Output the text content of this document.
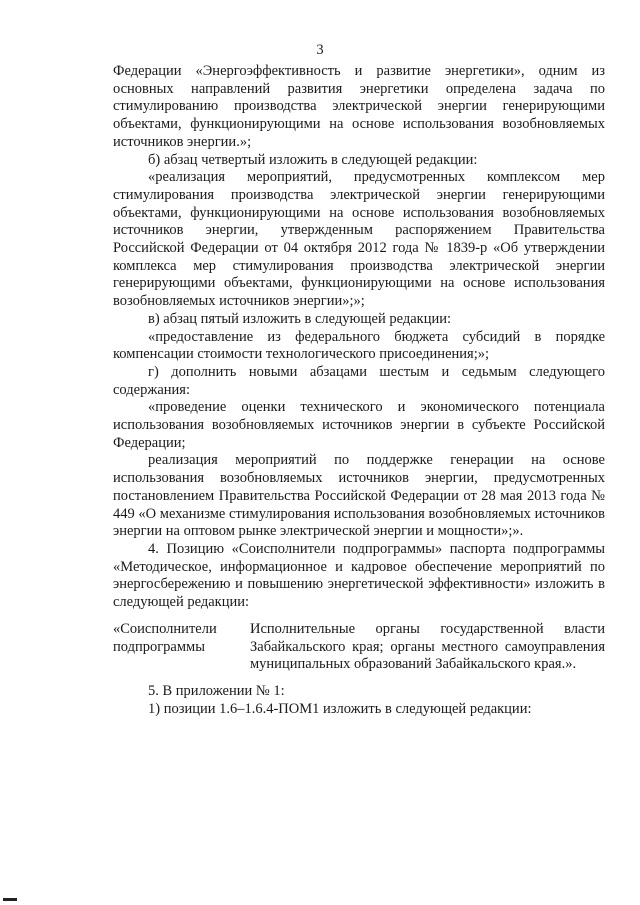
3

Федерации «Энергоэффективность и развитие энергетики», одним из основных направлений развития энергетики определена задача по стимулированию производства электрической энергии генерирующими объектами, функционирующими на основе использования возобновляемых источников энергии.»;

б) абзац четвертый изложить в следующей редакции:

«реализация мероприятий, предусмотренных комплексом мер стимулирования производства электрической энергии генерирующими объектами, функционирующими на основе использования возобновляемых источников энергии, утвержденным распоряжением Правительства Российской Федерации от 04 октября 2012 года № 1839-р «Об утверждении комплекса мер стимулирования производства электрической энергии генерирующими объектами, функционирующими на основе использования возобновляемых источников энергии»;»;

в) абзац пятый изложить в следующей редакции:

«предоставление из федерального бюджета субсидий в порядке компенсации стоимости технологического присоединения;»;

г) дополнить новыми абзацами шестым и седьмым следующего содержания:

«проведение оценки технического и экономического потенциала использования возобновляемых источников энергии в субъекте Российской Федерации;

реализация мероприятий по поддержке генерации на основе использования возобновляемых источников энергии, предусмотренных постановлением Правительства Российской Федерации от 28 мая 2013 года № 449 «О механизме стимулирования использования возобновляемых источников энергии на оптовом рынке электрической энергии и мощности»;».

4. Позицию «Соисполнители подпрограммы» паспорта подпрограммы «Методическое, информационное и кадровое обеспечение мероприятий по энергосбережению и повышению энергетической эффективности» изложить в следующей редакции:

«Соисполнители подпрограммы
Исполнительные органы государственной власти Забайкальского края; органы местного самоуправления муниципальных образований Забайкальского края.».

5. В приложении № 1:

1) позиции 1.6–1.6.4-ПОМ1 изложить в следующей редакции:
